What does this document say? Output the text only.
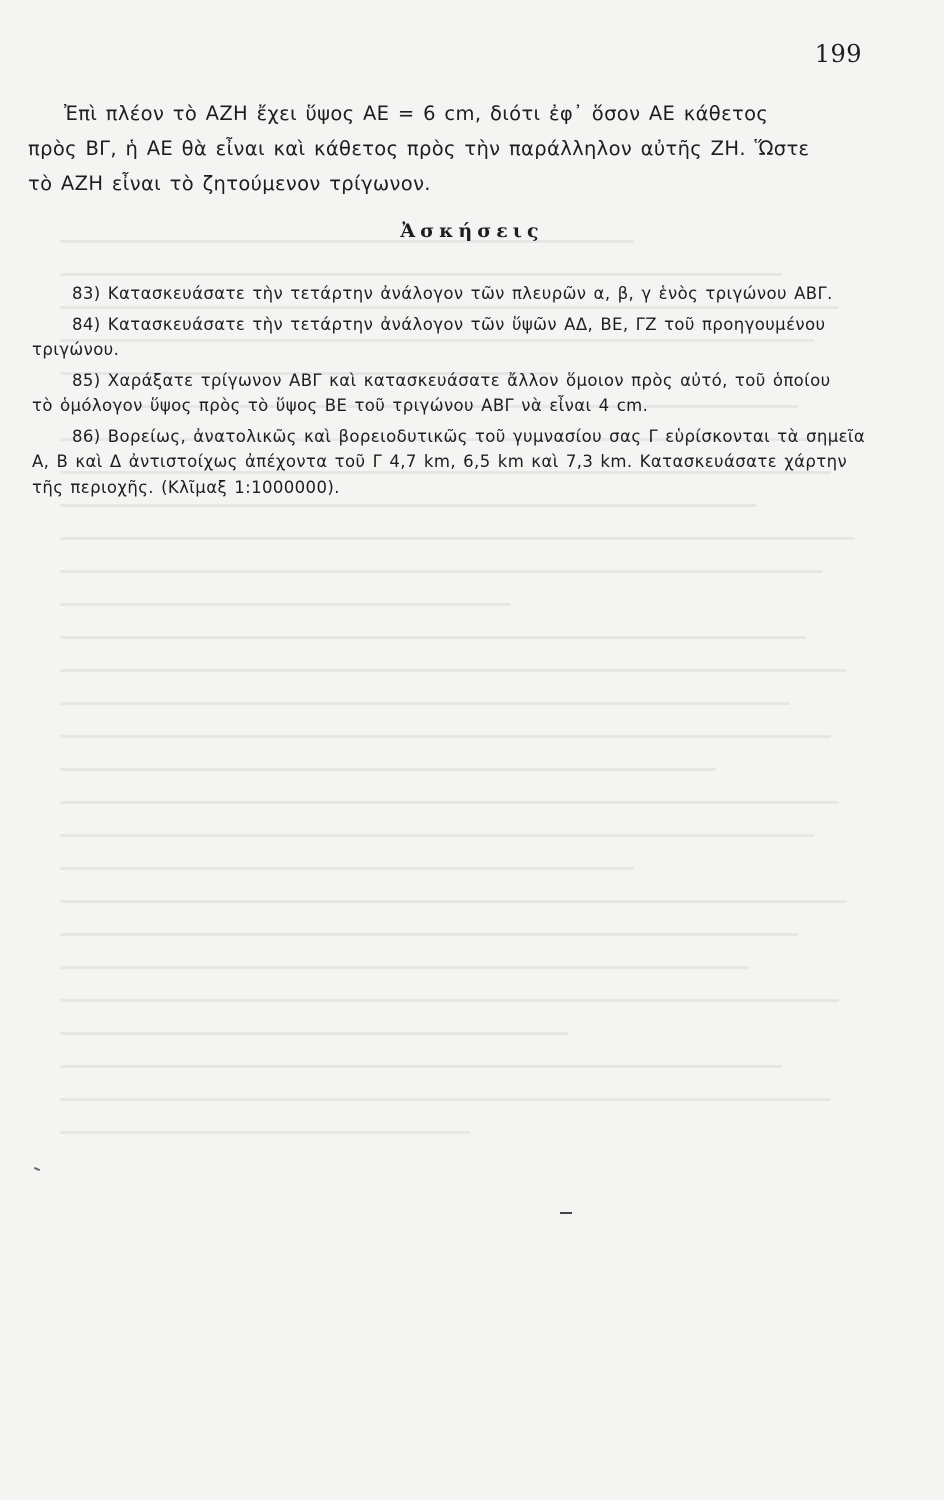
199
Ἐπὶ πλέον τὸ ΑΖΗ ἔχει ὕψος ΑΕ = 6 cm, διότι ἐφ᾽ ὅσον ΑΕ κάθετος
πρὸς ΒΓ, ἡ ΑΕ θὰ εἶναι καὶ κάθετος πρὸς τὴν παράλληλον αὐτῆς ΖΗ. Ὥστε
τὸ ΑΖΗ εἶναι τὸ ζητούμενον τρίγωνον.
Ἀσκήσεις
83) Κατασκευάσατε τὴν τετάρτην ἀνάλογον τῶν πλευρῶν α, β, γ ἑνὸς τριγώνου ΑΒΓ.
84) Κατασκευάσατε τὴν τετάρτην ἀνάλογον τῶν ὕψῶν ΑΔ, ΒΕ, ΓΖ τοῦ προηγουμένου
τριγώνου.
85) Χαράξατε τρίγωνον ΑΒΓ καὶ κατασκευάσατε ἄλλον ὅμοιον πρὸς αὐτό, τοῦ ὁποίου
τὸ ὁμόλογον ὕψος πρὸς τὸ ὕψος ΒΕ τοῦ τριγώνου ΑΒΓ νὰ εἶναι 4 cm.
86) Βορείως, ἀνατολικῶς καὶ βορειοδυτικῶς τοῦ γυμνασίου σας Γ εὑρίσκονται τὰ σημεῖα
Α, Β καὶ Δ ἀντιστοίχως ἀπέχοντα τοῦ Γ 4,7 km, 6,5 km καὶ 7,3 km. Κατασκευάσατε χάρτην
τῆς περιοχῆς. (Κλῖμαξ 1:1000000).
